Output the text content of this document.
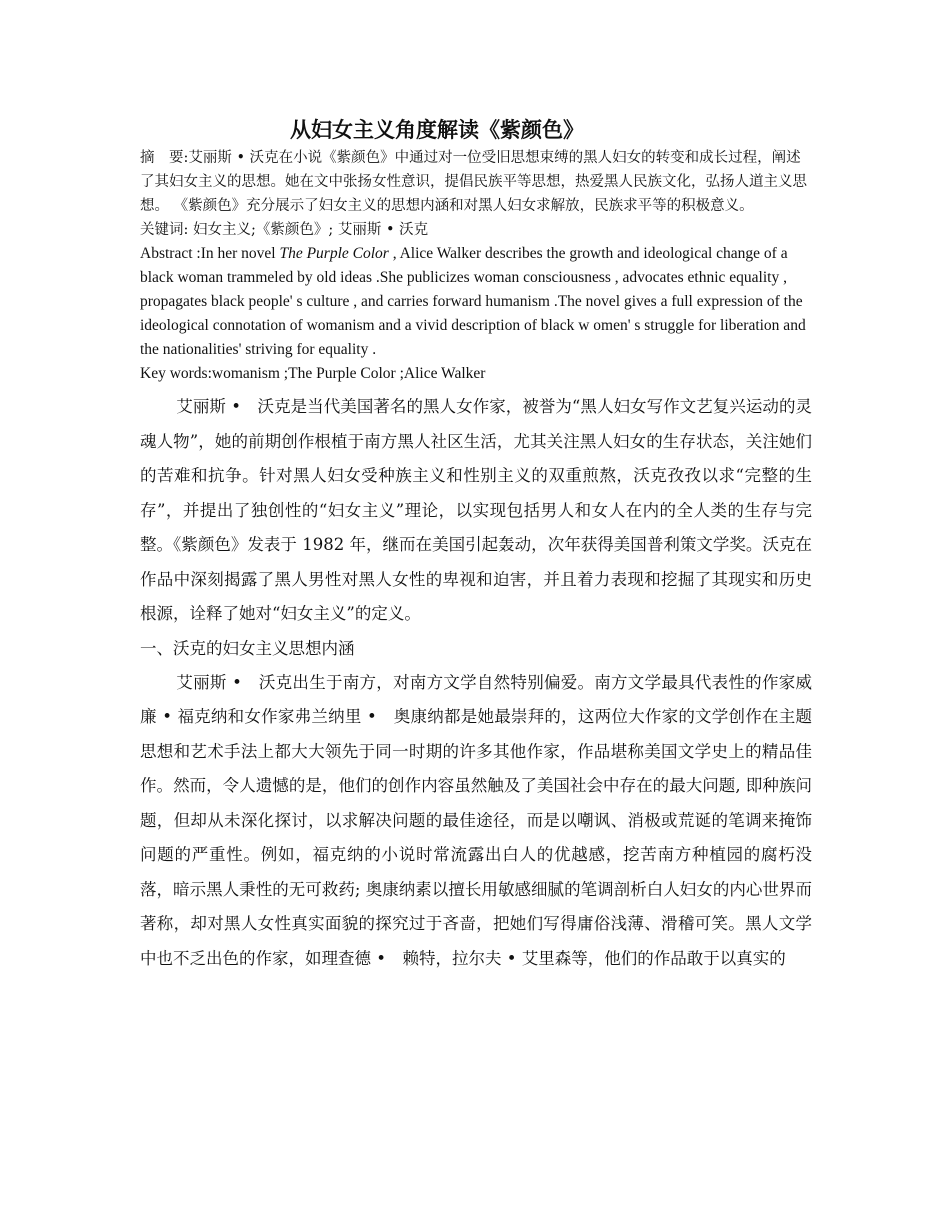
从妇女主义角度解读《紫颜色》

摘　要:艾丽斯 • 沃克在小说《紫颜色》中通过对一位受旧思想束缚的黑人妇女的转变和成长过程，阐述了其妇女主义的思想。她在文中张扬女性意识，提倡民族平等思想，热爱黑人民族文化，弘扬人道主义思想。 《紫颜色》充分展示了妇女主义的思想内涵和对黑人妇女求解放，民族求平等的积极意义。

关键词: 妇女主义;《紫颜色》; 艾丽斯 • 沃克

Abstract :In her novel The Purple Color , Alice Walker describes the growth and ideological change of a black woman trammeled by old ideas .She publicizes woman consciousness , advocates ethnic equality , propagates black people' s culture , and carries forward humanism .The novel gives a full expression of the ideological connotation of womanism and a vivid description of black w omen' s struggle for liberation and the nationalities' striving for equality .

Key words:womanism ;The Purple Color ;Alice Walker

艾丽斯 •　沃克是当代美国著名的黑人女作家，被誉为“黑人妇女写作文艺复兴运动的灵魂人物”，她的前期创作根植于南方黑人社区生活，尤其关注黑人妇女的生存状态，关注她们的苦难和抗争。针对黑人妇女受种族主义和性别主义的双重煎熬，沃克孜孜以求“完整的生存”，并提出了独创性的“妇女主义”理论，以实现包括男人和女人在内的全人类的生存与完整。《紫颜色》发表于 1982 年，继而在美国引起轰动，次年获得美国普利策文学奖。沃克在作品中深刻揭露了黑人男性对黑人女性的卑视和迫害，并且着力表现和挖掘了其现实和历史根源，诠释了她对“妇女主义”的定义。

一、沃克的妇女主义思想内涵

艾丽斯 •　沃克出生于南方，对南方文学自然特别偏爱。南方文学最具代表性的作家威廉 • 福克纳和女作家弗兰纳里 •　奥康纳都是她最崇拜的，这两位大作家的文学创作在主题思想和艺术手法上都大大领先于同一时期的许多其他作家，作品堪称美国文学史上的精品佳作。然而，令人遗憾的是，他们的创作内容虽然触及了美国社会中存在的最大问题, 即种族问题，但却从未深化探讨，以求解决问题的最佳途径，而是以嘲讽、消极或荒诞的笔调来掩饰问题的严重性。例如，福克纳的小说时常流露出白人的优越感，挖苦南方种植园的腐朽没落，暗示黑人秉性的无可救药; 奥康纳素以擅长用敏感细腻的笔调剖析白人妇女的内心世界而著称，却对黑人女性真实面貌的探究过于吝啬，把她们写得庸俗浅薄、滑稽可笑。黑人文学中也不乏出色的作家，如理查德 •　赖特，拉尔夫 • 艾里森等，他们的作品敢于以真实的
